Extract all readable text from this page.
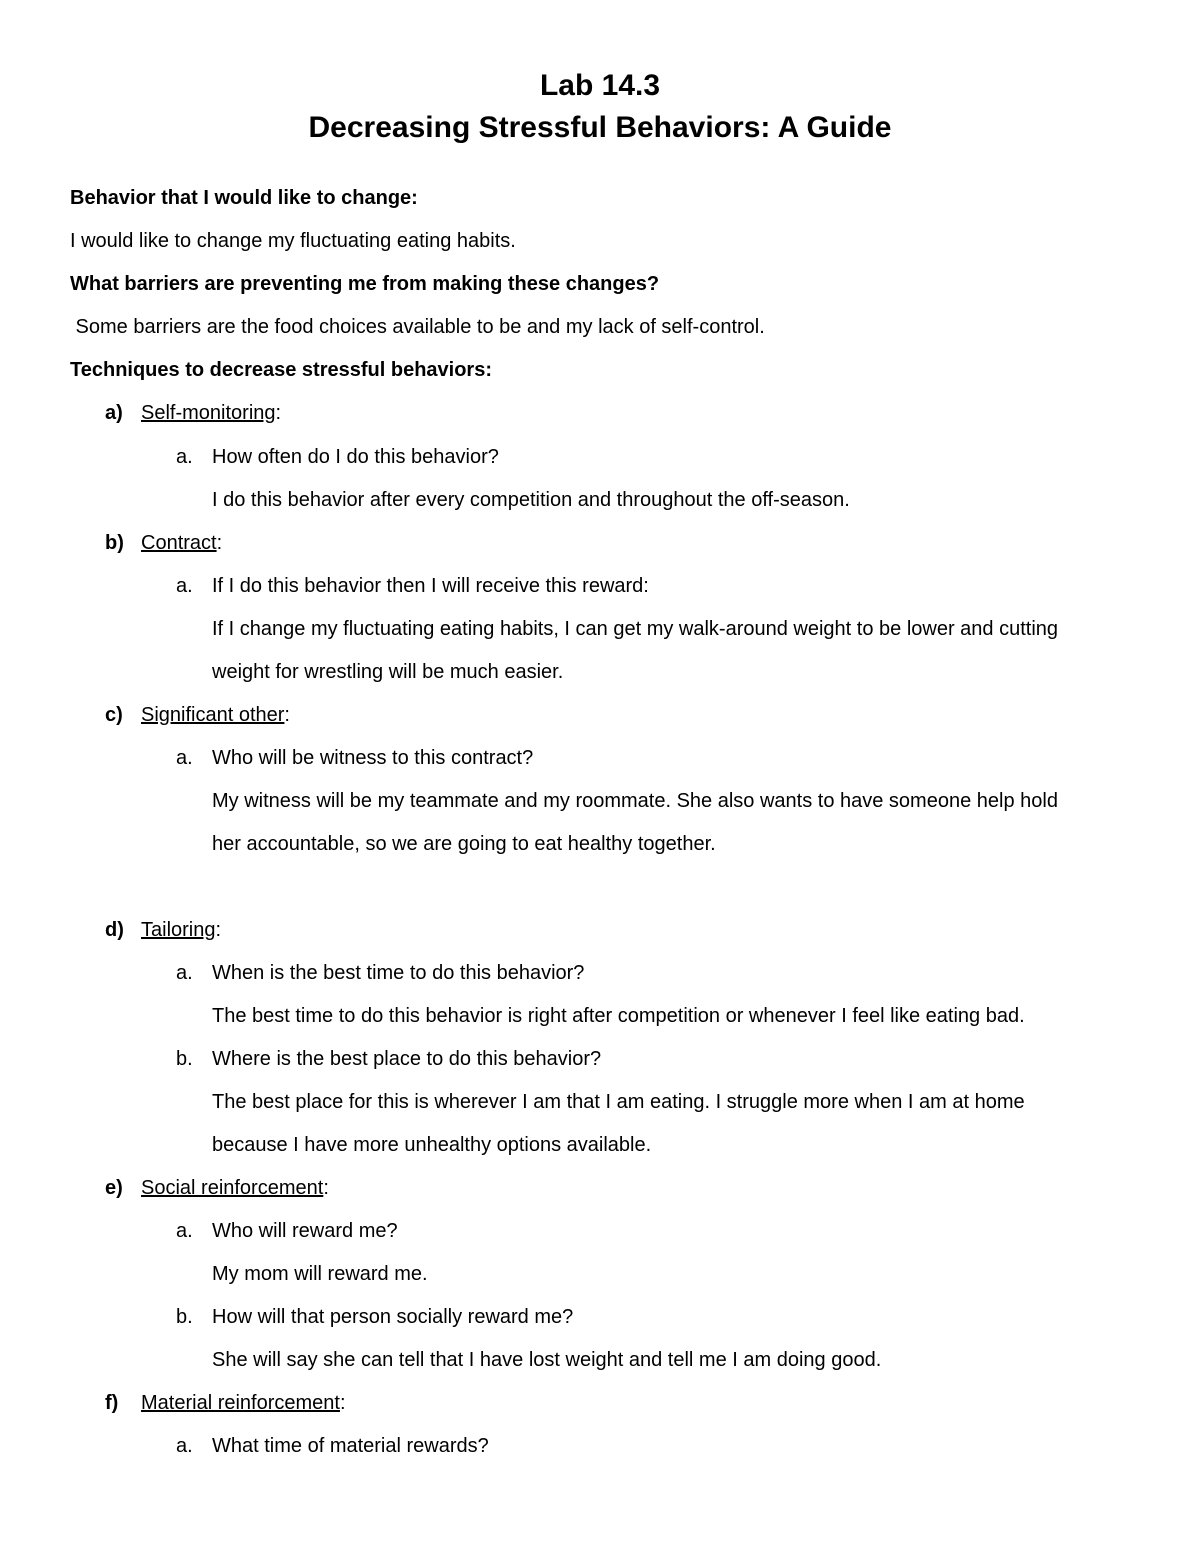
Lab 14.3
Decreasing Stressful Behaviors: A Guide
Behavior that I would like to change:
I would like to change my fluctuating eating habits.
What barriers are preventing me from making these changes?
Some barriers are the food choices available to be and my lack of self-control.
Techniques to decrease stressful behaviors:
a) Self-monitoring:
a. How often do I do this behavior?
I do this behavior after every competition and throughout the off-season.
b) Contract:
a. If I do this behavior then I will receive this reward:
If I change my fluctuating eating habits, I can get my walk-around weight to be lower and cutting
weight for wrestling will be much easier.
c) Significant other:
a. Who will be witness to this contract?
My witness will be my teammate and my roommate. She also wants to have someone help hold
her accountable, so we are going to eat healthy together.
d) Tailoring:
a. When is the best time to do this behavior?
The best time to do this behavior is right after competition or whenever I feel like eating bad.
b. Where is the best place to do this behavior?
The best place for this is wherever I am that I am eating. I struggle more when I am at home
because I have more unhealthy options available.
e) Social reinforcement:
a. Who will reward me?
My mom will reward me.
b. How will that person socially reward me?
She will say she can tell that I have lost weight and tell me I am doing good.
f) Material reinforcement:
a. What time of material rewards?
